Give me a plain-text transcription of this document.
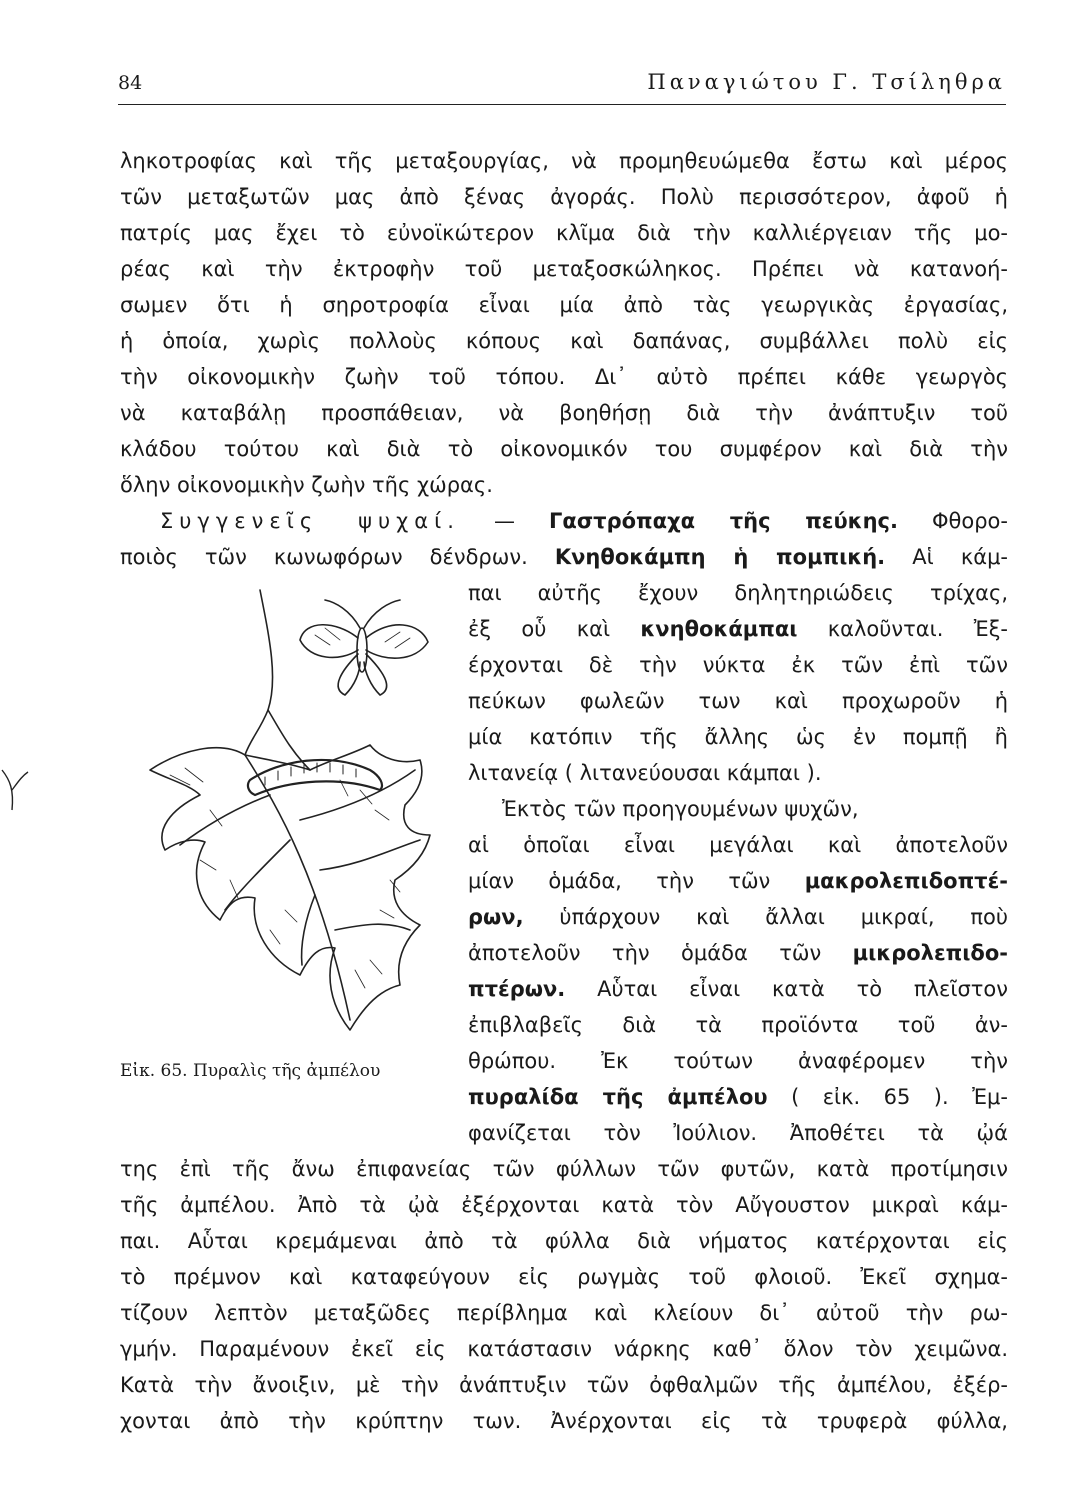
84	Παναγιώτου Γ. Τσίληθρα
ληκοτροφίας καὶ τῆς μεταξουργίας, νὰ προμηθευώμεθα ἔστω καὶ μέρος
τῶν μεταξωτῶν μας ἀπὸ ξένας ἀγοράς. Πολὺ περισσότερον, ἀφοῦ ἡ
πατρίς μας ἔχει τὸ εὐνοϊκώτερον κλῖμα διὰ τὴν καλλιέργειαν τῆς μο-
ρέας καὶ τὴν ἐκτροφὴν τοῦ μεταξοσκώληκος. Πρέπει νὰ κατανοή-
σωμεν ὅτι ἡ σηροτροφία εἶναι μία ἀπὸ τὰς γεωργικὰς ἐργασίας,
ἡ ὁποία, χωρὶς πολλοὺς κόπους καὶ δαπάνας, συμβάλλει πολὺ εἰς
τὴν οἰκονομικὴν ζωὴν τοῦ τόπου. Δι᾿ αὐτὸ πρέπει κάθε γεωργὸς
νὰ καταβάλῃ προσπάθειαν, νὰ βοηθήσῃ διὰ τὴν ἀνάπτυξιν τοῦ
κλάδου τούτου καὶ διὰ τὸ οἰκονομικόν του συμφέρον καὶ διὰ τὴν
ὅλην οἰκονομικὴν ζωὴν τῆς χώρας.
Συγγενεῖς ψυχαί. — Γαστρόπαχα τῆς πεύκης. Φθορο-
ποιὸς τῶν κωνωφόρων δένδρων. Κνηθοκάμπη ἡ πομπική. Αἱ κάμ-
παι αὐτῆς ἔχουν δηλητηριώδεις τρίχας,
ἐξ οὗ καὶ κνηθοκάμπαι καλοῦνται. Ἐξ-
έρχονται δὲ τὴν νύκτα ἐκ τῶν ἐπὶ τῶν
πεύκων φωλεῶν των καὶ προχωροῦν ἡ
μία κατόπιν τῆς ἄλλης ὡς ἐν πομπῇ ἢ
λιτανείᾳ ( λιτανεύουσαι κάμπαι ).
Ἐκτὸς τῶν προηγουμένων ψυχῶν,
αἱ ὁποῖαι εἶναι μεγάλαι καὶ ἀποτελοῦν
μίαν ὁμάδα, τὴν τῶν μακρολεπιδοπτέ-
ρων, ὑπάρχουν καὶ ἄλλαι μικραί, ποὺ
ἀποτελοῦν τὴν ὁμάδα τῶν μικρολεπιδο-
πτέρων. Αὗται εἶναι κατὰ τὸ πλεῖστον
ἐπιβλαβεῖς διὰ τὰ προϊόντα τοῦ ἀν-
θρώπου. Ἐκ τούτων ἀναφέρομεν τὴν
πυραλίδα τῆς ἀμπέλου ( εἰκ. 65 ). Ἐμ-
φανίζεται τὸν Ἰούλιον. Ἀποθέτει τὰ ᾠά
Εἰκ. 65. Πυραλὶς τῆς ἀμπέλου
της ἐπὶ τῆς ἄνω ἐπιφανείας τῶν φύλλων τῶν φυτῶν, κατὰ προτίμησιν
τῆς ἀμπέλου. Ἀπὸ τὰ ᾠὰ ἐξέρχονται κατὰ τὸν Αὔγουστον μικραὶ κάμ-
παι. Αὗται κρεμάμεναι ἀπὸ τὰ φύλλα διὰ νήματος κατέρχονται εἰς
τὸ πρέμνον καὶ καταφεύγουν εἰς ρωγμὰς τοῦ φλοιοῦ. Ἐκεῖ σχημα-
τίζουν λεπτὸν μεταξῶδες περίβλημα καὶ κλείουν δι᾿ αὐτοῦ τὴν ρω-
γμήν. Παραμένουν ἐκεῖ εἰς κατάστασιν νάρκης καθ᾿ ὅλον τὸν χειμῶνα.
Κατὰ τὴν ἄνοιξιν, μὲ τὴν ἀνάπτυξιν τῶν ὀφθαλμῶν τῆς ἀμπέλου, ἐξέρ-
χονται ἀπὸ τὴν κρύπτην των. Ἀνέρχονται εἰς τὰ τρυφερὰ φύλλα,
